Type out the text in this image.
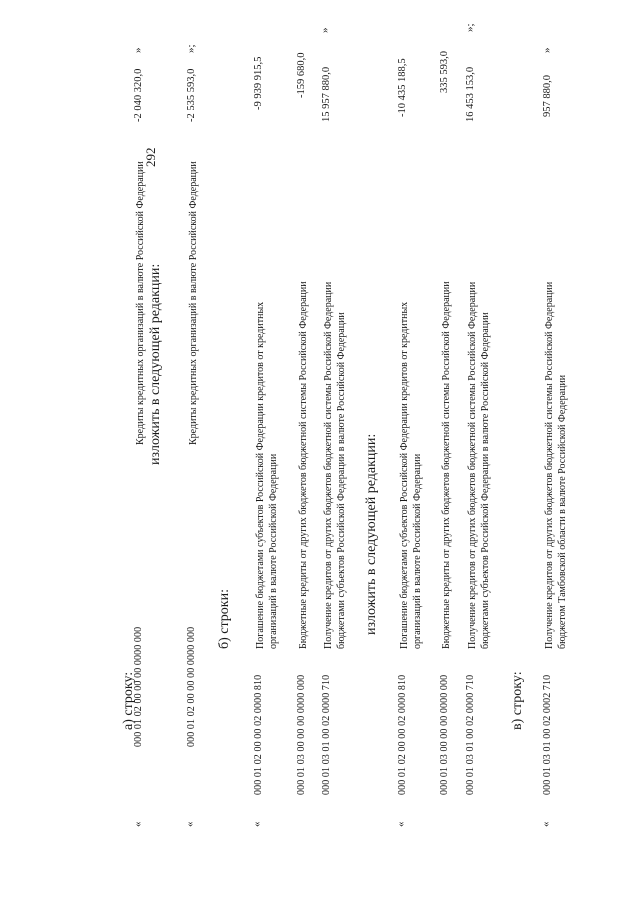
292
а) строку:
«
000 01 02 00 00 00 0000 000
Кредиты кредитных организаций в валюте Российской Федерации
-2 040 320,0
»
изложить в следующей редакции:
«
000 01 02 00 00 00 0000 000
Кредиты кредитных организаций в валюте Российской Федерации
-2 535 593,0
»;
б) строки:
«
000 01 02 00 00 02 0000 810
Погашение бюджетами субъектов Российской Федерации кредитов от кредитных организаций в валюте Российской Федерации
-9 939 915,5
000 01 03 00 00 00 0000 000
Бюджетные кредиты от других бюджетов бюджетной системы Российской Федерации
-159 680,0
000 01 03 01 00 02 0000 710
Получение кредитов от других бюджетов бюджетной системы Российской Федерации бюджетами субъектов Российской Федерации в валюте Российской Федерации
15 957 880,0
»
изложить в следующей редакции:
«
000 01 02 00 00 02 0000 810
Погашение бюджетами субъектов Российской Федерации кредитов от кредитных организаций в валюте Российской Федерации
-10 435 188,5
000 01 03 00 00 00 0000 000
Бюджетные кредиты от других бюджетов бюджетной системы Российской Федерации
335 593,0
000 01 03 01 00 02 0000 710
Получение кредитов от других бюджетов бюджетной системы Российской Федерации бюджетами субъектов Российской Федерации в валюте Российской Федерации
16 453 153,0
»;
в) строку:
«
000 01 03 01 00 02 0002 710
Получение кредитов от других бюджетов бюджетной системы Российской Федерации бюджетом Тамбовской области в валюте Российской Федерации
957 880,0
»
